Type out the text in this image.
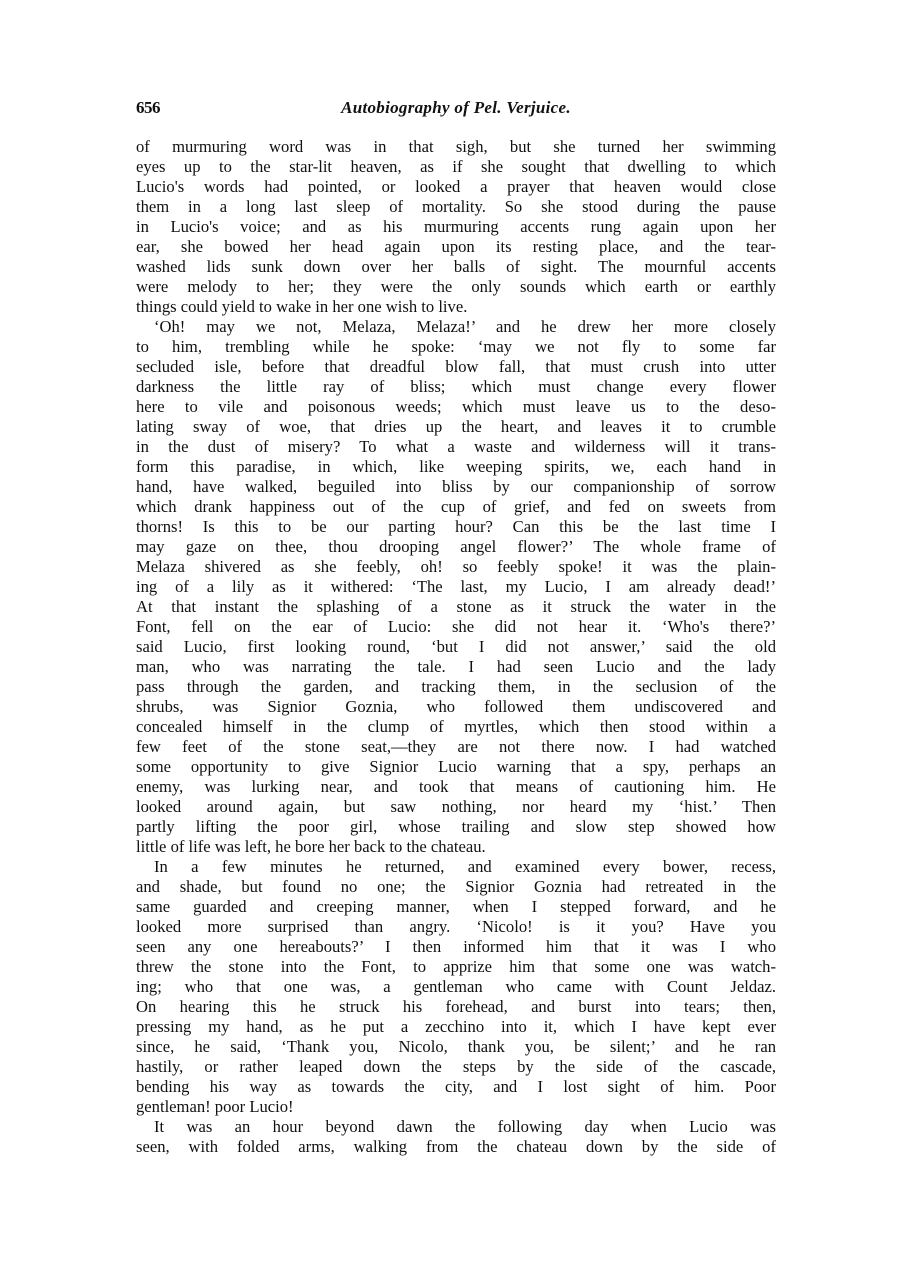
656	Autobiography of Pel. Verjuice.
of murmuring word was in that sigh, but she turned her swimming
eyes up to the star-lit heaven, as if she sought that dwelling to which
Lucio's words had pointed, or looked a prayer that heaven would close
them in a long last sleep of mortality. So she stood during the pause
in Lucio's voice; and as his murmuring accents rung again upon her
ear, she bowed her head again upon its resting place, and the tear-
washed lids sunk down over her balls of sight. The mournful accents
were melody to her; they were the only sounds which earth or earthly
things could yield to wake in her one wish to live.
‘Oh! may we not, Melaza, Melaza!’ and he drew her more closely
to him, trembling while he spoke: ‘may we not fly to some far
secluded isle, before that dreadful blow fall, that must crush into utter
darkness the little ray of bliss; which must change every flower
here to vile and poisonous weeds; which must leave us to the deso-
lating sway of woe, that dries up the heart, and leaves it to crumble
in the dust of misery? To what a waste and wilderness will it trans-
form this paradise, in which, like weeping spirits, we, each hand in
hand, have walked, beguiled into bliss by our companionship of sorrow
which drank happiness out of the cup of grief, and fed on sweets from
thorns! Is this to be our parting hour? Can this be the last time I
may gaze on thee, thou drooping angel flower?’ The whole frame of
Melaza shivered as she feebly, oh! so feebly spoke! it was the plain-
ing of a lily as it withered: ‘The last, my Lucio, I am already dead!’
At that instant the splashing of a stone as it struck the water in the
Font, fell on the ear of Lucio: she did not hear it. ‘Who's there?’
said Lucio, first looking round, ‘but I did not answer,’ said the old
man, who was narrating the tale. I had seen Lucio and the lady
pass through the garden, and tracking them, in the seclusion of the
shrubs, was Signior Goznia, who followed them undiscovered and
concealed himself in the clump of myrtles, which then stood within a
few feet of the stone seat,—they are not there now. I had watched
some opportunity to give Signior Lucio warning that a spy, perhaps an
enemy, was lurking near, and took that means of cautioning him. He
looked around again, but saw nothing, nor heard my ‘hist.’ Then
partly lifting the poor girl, whose trailing and slow step showed how
little of life was left, he bore her back to the chateau.
In a few minutes he returned, and examined every bower, recess,
and shade, but found no one; the Signior Goznia had retreated in the
same guarded and creeping manner, when I stepped forward, and he
looked more surprised than angry. ‘Nicolo! is it you? Have you
seen any one hereabouts?’ I then informed him that it was I who
threw the stone into the Font, to apprize him that some one was watch-
ing; who that one was, a gentleman who came with Count Jeldaz.
On hearing this he struck his forehead, and burst into tears; then,
pressing my hand, as he put a zecchino into it, which I have kept ever
since, he said, ‘Thank you, Nicolo, thank you, be silent;’ and he ran
hastily, or rather leaped down the steps by the side of the cascade,
bending his way as towards the city, and I lost sight of him. Poor
gentleman! poor Lucio!
It was an hour beyond dawn the following day when Lucio was
seen, with folded arms, walking from the chateau down by the side of
